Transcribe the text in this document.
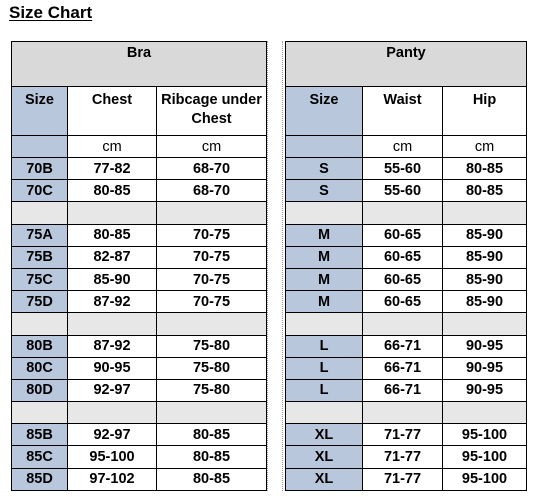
Size Chart
Bra		
Size	Chest	Ribcage under Chest
	cm	cm
70B	77-82	68-70
70C	80-85	68-70

75A	80-85	70-75
75B	82-87	70-75
75C	85-90	70-75
75D	87-92	70-75

80B	87-92	75-80
80C	90-95	75-80
80D	92-97	75-80

85B	92-97	80-85
85C	95-100	80-85
85D	97-102	80-85
Panty		
Size	Waist	Hip
	cm	cm
S	55-60	80-85
S	55-60	80-85

M	60-65	85-90
M	60-65	85-90
M	60-65	85-90
M	60-65	85-90

L	66-71	90-95
L	66-71	90-95
L	66-71	90-95

XL	71-77	95-100
XL	71-77	95-100
XL	71-77	95-100
